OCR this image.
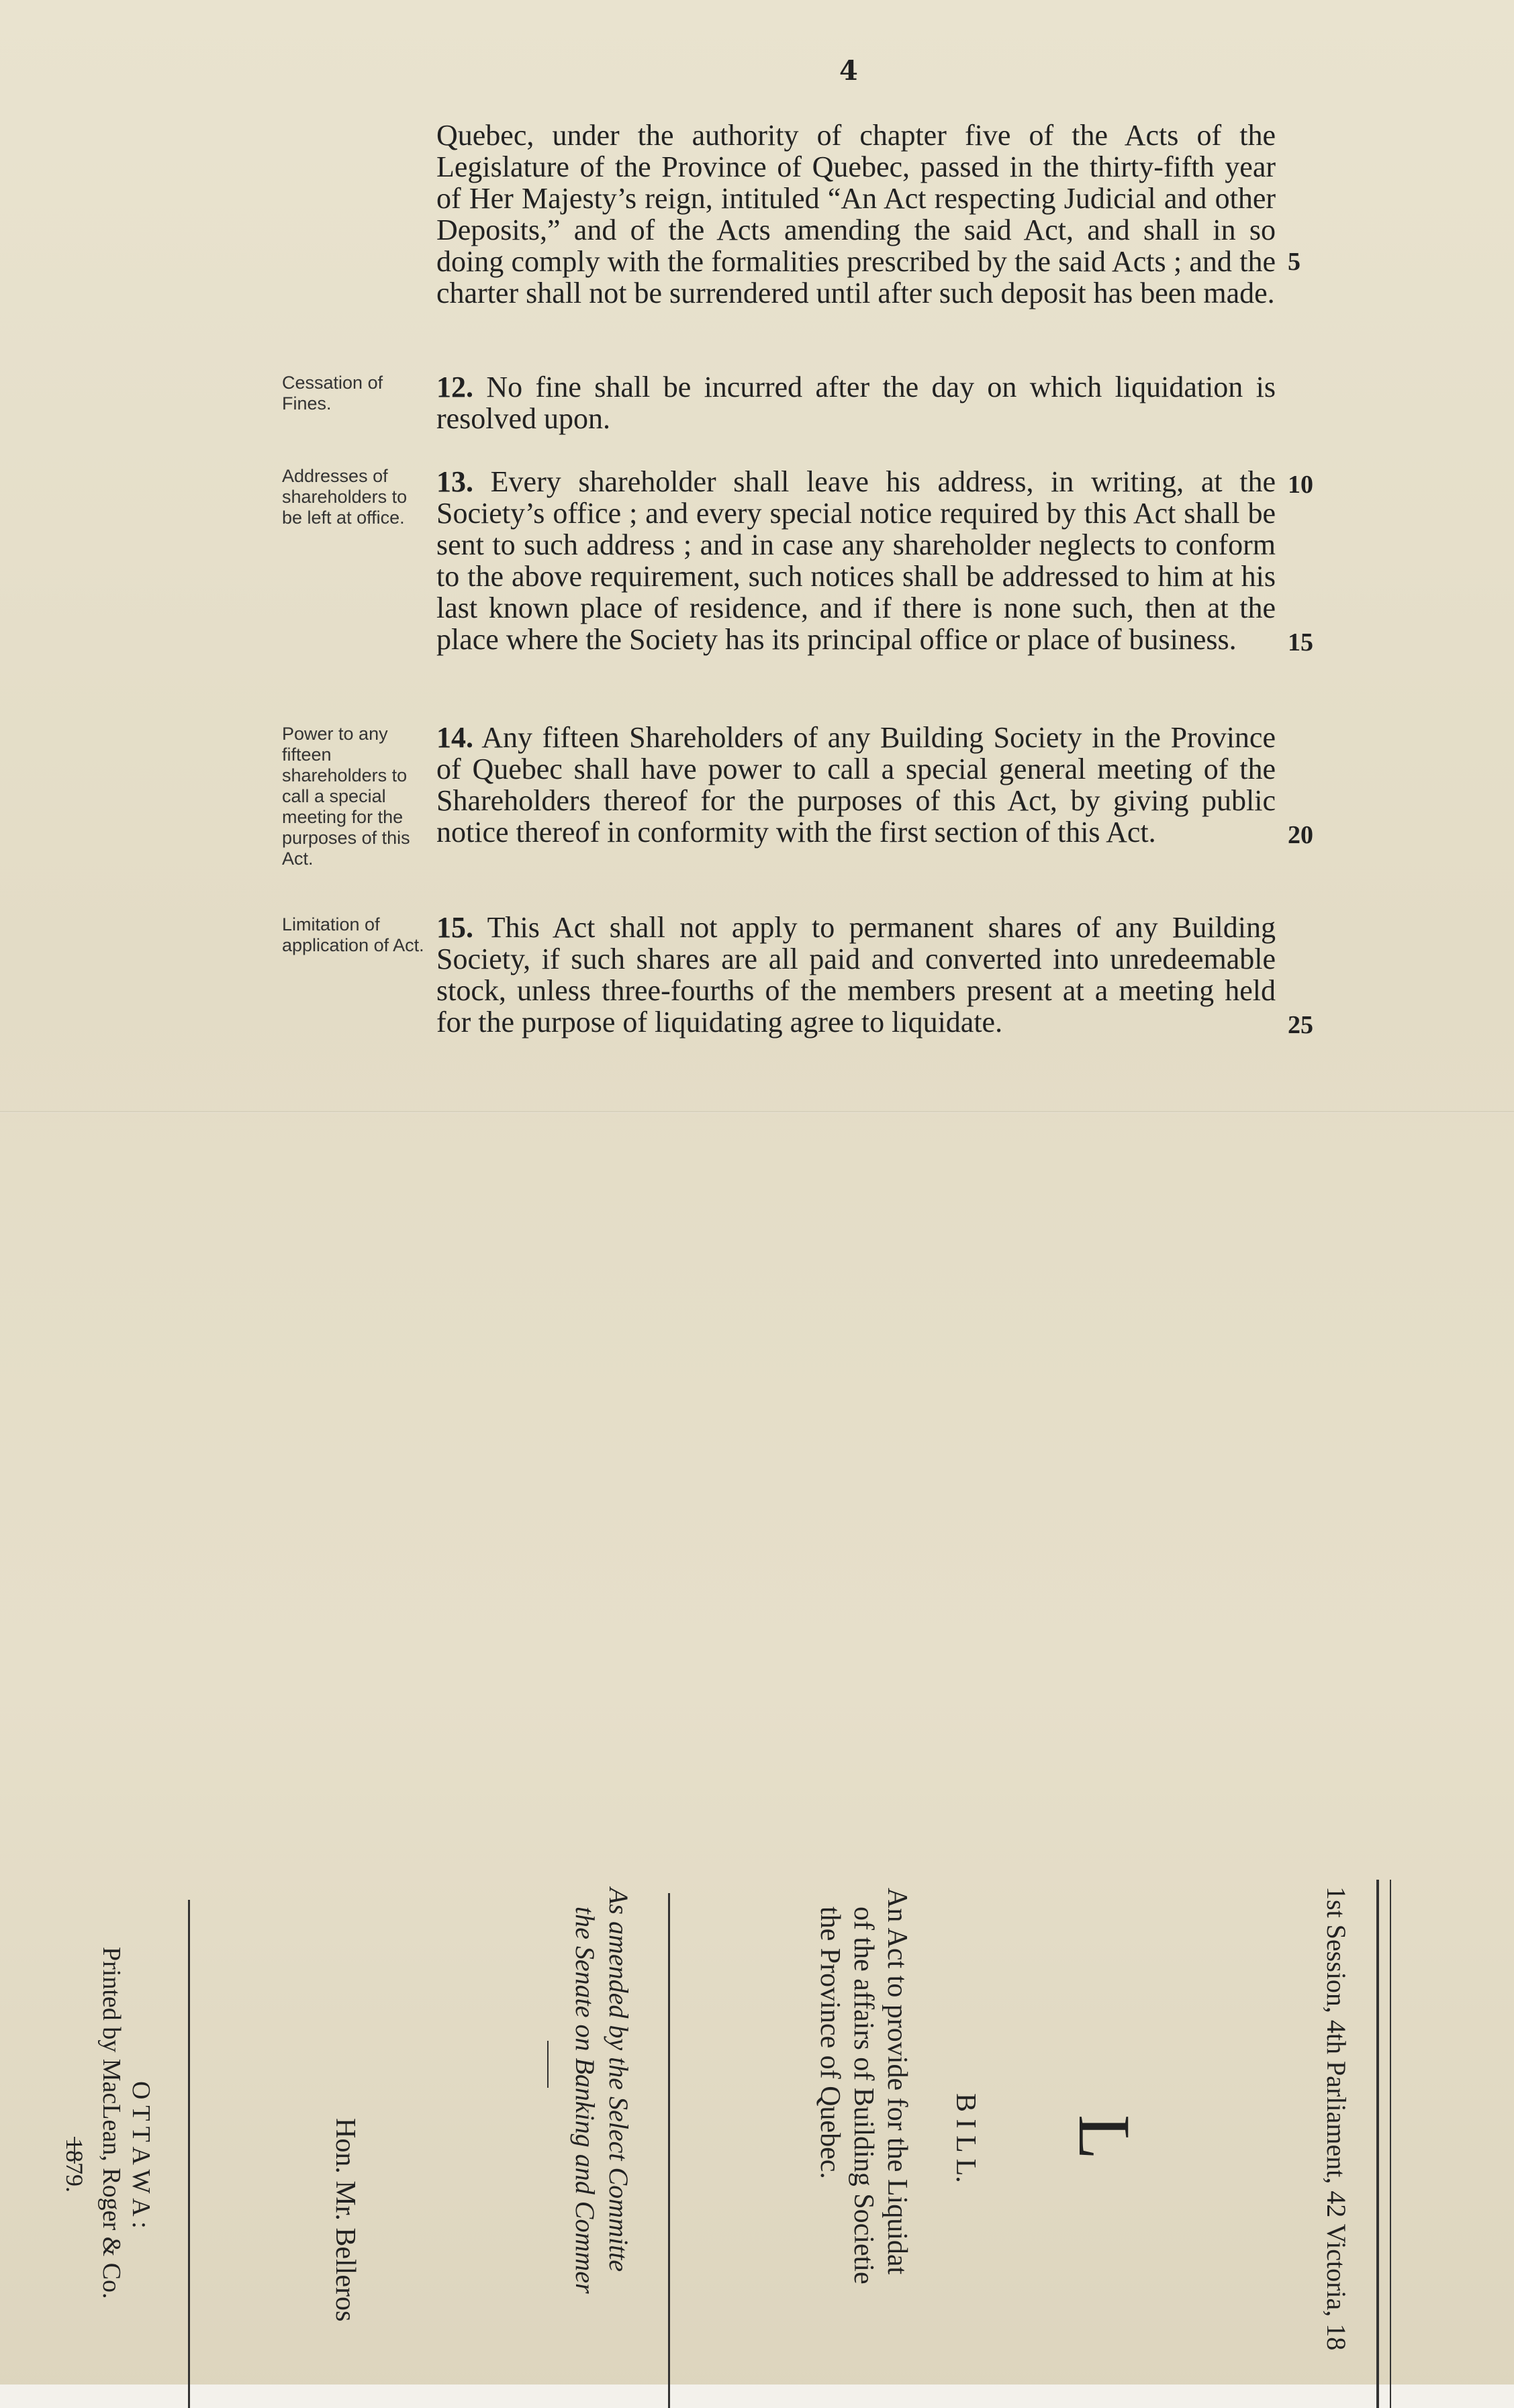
4

Quebec, under the authority of chapter five of the Acts of the Legislature of the Province of Quebec, passed in the thirty-fifth year of Her Majesty’s reign, intituled “An Act respecting Judicial and other Deposits,” and of the Acts amending the said Act, and shall in so doing comply with the formalities prescribed by the said Acts ; and the charter shall not be surrendered until after such deposit has been made.

Cessation of Fines.	12. No fine shall be incurred after the day on which liquidation is resolved upon.

Addresses of shareholders to be left at office.

13. Every shareholder shall leave his address, in writing, at the Society’s office ; and every special notice required by this Act shall be sent to such address ; and in case any shareholder neglects to conform to the above requirement, such notices shall be addressed to him at his last known place of residence, and if there is none such, then at the place where the Society has its principal office or place of business.

Power to any fifteen shareholders to call a special meeting for the purposes of this Act.

14. Any fifteen Shareholders of any Building Society in the Province of Quebec shall have power to call a special general meeting of the Shareholders thereof for the purposes of this Act, by giving public notice thereof in conformity with the first section of this Act.

Limitation of application of Act.

15. This Act shall not apply to permanent shares of any Building Society, if such shares are all paid and converted into unredeemable stock, unless three-fourths of the members present at a meeting held for the purpose of liquidating agree to liquidate.

5
10
15
20
25
1st Session, 4th Parliament, 42 Victoria, 18
L
B I L L.
An Act to provide for the Liquidat
of the affairs of Building Societie
the Province of Quebec.
As amended by the Select Committe
the Senate on Banking and Commer
Hon. Mr. Belleros
O T T A W A :
Printed by MacLean, Roger & Co.
1879.
